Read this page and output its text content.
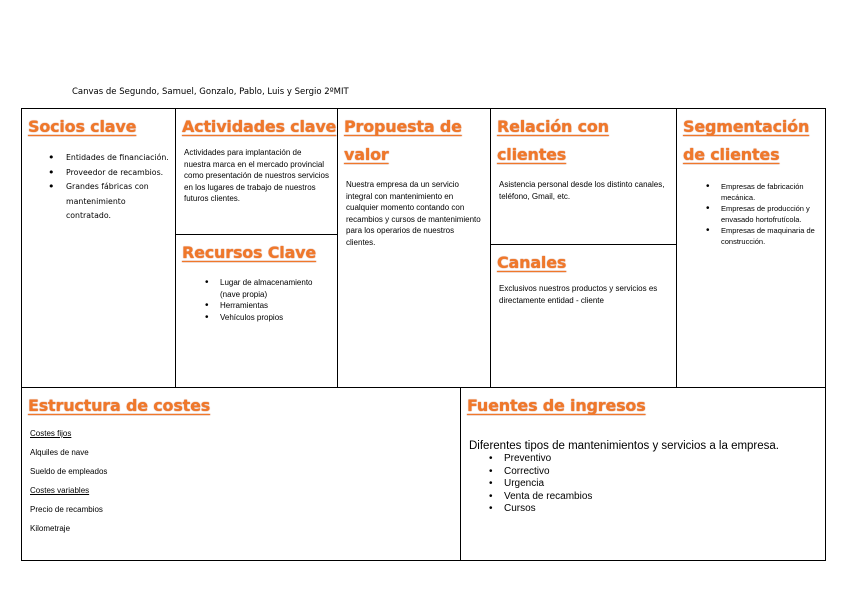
Canvas de Segundo, Samuel, Gonzalo, Pablo, Luis y Sergio 2ºMIT
Socios clave
• Entidades de financiación.
• Proveedor de recambios.
• Grandes fábricas con mantenimiento contratado.
Actividades clave
Actividades para implantación de nuestra marca en el mercado provincial como presentación de nuestros servicios en los lugares de trabajo de nuestros futuros clientes.
Recursos Clave
• Lugar de almacenamiento (nave propia)
• Herramientas
• Vehículos propios
Propuesta de valor
Nuestra empresa da un servicio integral con mantenimiento en cualquier momento contando con recambios y cursos de mantenimiento para los operarios de nuestros clientes.
Relación con clientes
Asistencia personal desde los distinto canales, teléfono, Gmail, etc.
Canales
Exclusivos nuestros productos y servicios es directamente entidad - cliente
Segmentación de clientes
• Empresas de fabricación mecánica.
• Empresas de producción y envasado hortofrutícola.
• Empresas de maquinaria de construcción.
Estructura de costes

Costes fijos

Alquiles de nave

Sueldo de empleados

Costes variables

Precio de recambios

Kilometraje

Fuentes de ingresos
Diferentes tipos de mantenimientos y servicios a la empresa.
• Preventivo
• Correctivo
• Urgencia
• Venta de recambios
• Cursos
